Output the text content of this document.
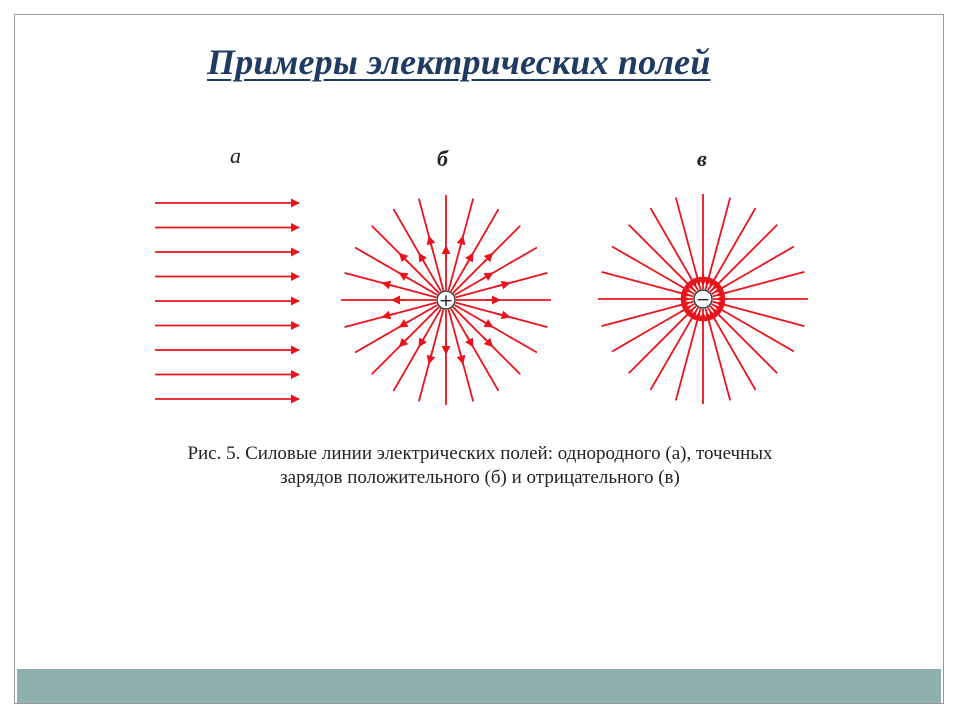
Примеры электрических полей
а	б	в
+	−
Рис. 5. Силовые линии электрических полей: однородного (а), точечных
зарядов положительного (б) и отрицательного (в)
